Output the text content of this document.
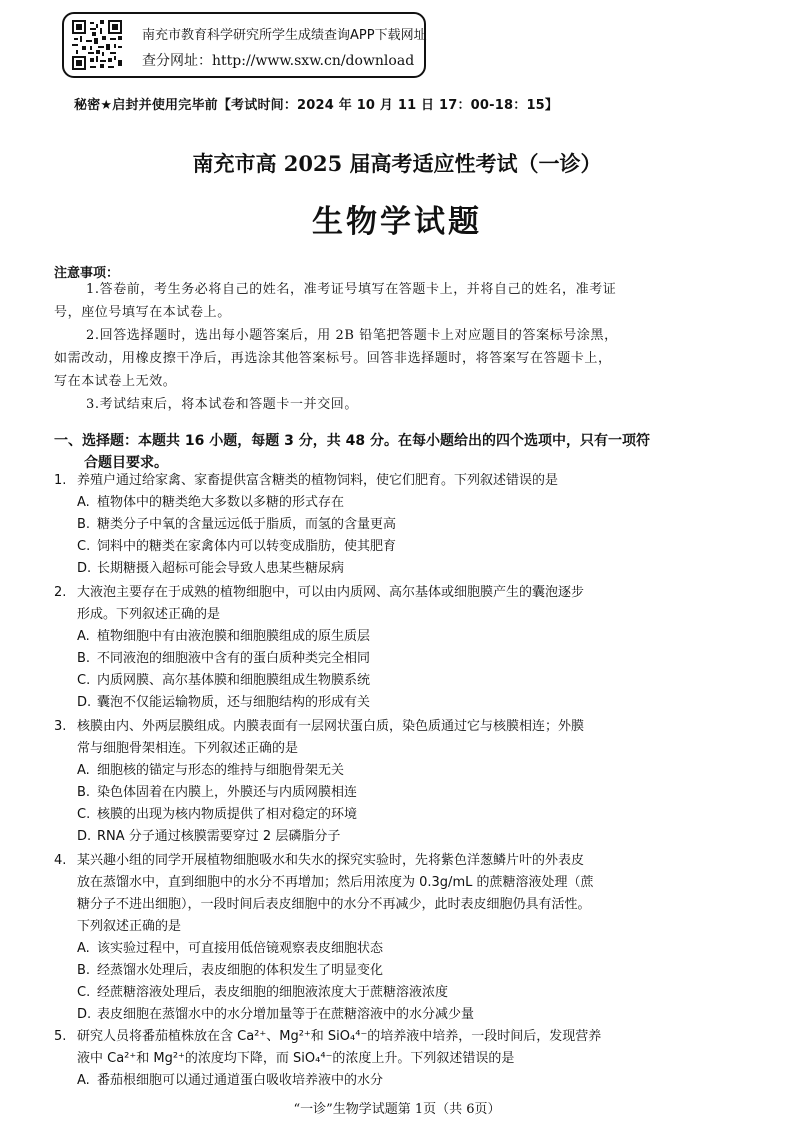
南充市教育科学研究所学生成绩查询APP下载网址
查分网址：http://www.sxw.cn/download
秘密★启封并使用完毕前【考试时间：2024 年 10 月 11 日 17：00-18：15】
南充市高 2025 届高考适应性考试（一诊）
生物学试题
注意事项：
1.答卷前，考生务必将自己的姓名，准考证号填写在答题卡上，并将自己的姓名，准考证
号，座位号填写在本试卷上。
2.回答选择题时，选出每小题答案后，用 2B 铅笔把答题卡上对应题目的答案标号涂黑，
如需改动，用橡皮擦干净后，再选涂其他答案标号。回答非选择题时，将答案写在答题卡上，
写在本试卷上无效。
3.考试结束后，将本试卷和答题卡一并交回。
一、选择题：本题共 16 小题，每题 3 分，共 48 分。在每小题给出的四个选项中，只有一项符
合题目要求。
1. 养殖户通过给家禽、家畜提供富含糖类的植物饲料，使它们肥育。下列叙述错误的是
A. 植物体中的糖类绝大多数以多糖的形式存在
B. 糖类分子中氧的含量远远低于脂质，而氢的含量更高
C. 饲料中的糖类在家禽体内可以转变成脂肪，使其肥育
D. 长期糖摄入超标可能会导致人患某些糖尿病
2. 大液泡主要存在于成熟的植物细胞中，可以由内质网、高尔基体或细胞膜产生的囊泡逐步
形成。下列叙述正确的是
A. 植物细胞中有由液泡膜和细胞膜组成的原生质层
B. 不同液泡的细胞液中含有的蛋白质种类完全相同
C. 内质网膜、高尔基体膜和细胞膜组成生物膜系统
D. 囊泡不仅能运输物质，还与细胞结构的形成有关
3. 核膜由内、外两层膜组成。内膜表面有一层网状蛋白质，染色质通过它与核膜相连；外膜
常与细胞骨架相连。下列叙述正确的是
A. 细胞核的锚定与形态的维持与细胞骨架无关
B. 染色体固着在内膜上，外膜还与内质网膜相连
C. 核膜的出现为核内物质提供了相对稳定的环境
D. RNA 分子通过核膜需要穿过 2 层磷脂分子
4. 某兴趣小组的同学开展植物细胞吸水和失水的探究实验时，先将紫色洋葱鳞片叶的外表皮
放在蒸馏水中，直到细胞中的水分不再增加；然后用浓度为 0.3g/mL 的蔗糖溶液处理（蔗
糖分子不进出细胞），一段时间后表皮细胞中的水分不再减少，此时表皮细胞仍具有活性。
下列叙述正确的是
A. 该实验过程中，可直接用低倍镜观察表皮细胞状态
B. 经蒸馏水处理后，表皮细胞的体积发生了明显变化
C. 经蔗糖溶液处理后，表皮细胞的细胞液浓度大于蔗糖溶液浓度
D. 表皮细胞在蒸馏水中的水分增加量等于在蔗糖溶液中的水分减少量
5. 研究人员将番茄植株放在含 Ca²⁺、Mg²⁺和 SiO₄⁴⁻的培养液中培养，一段时间后，发现营养
液中 Ca²⁺和 Mg²⁺的浓度均下降，而 SiO₄⁴⁻的浓度上升。下列叙述错误的是
A. 番茄根细胞可以通过通道蛋白吸收培养液中的水分
“一诊”生物学试题第 1页（共 6页）
